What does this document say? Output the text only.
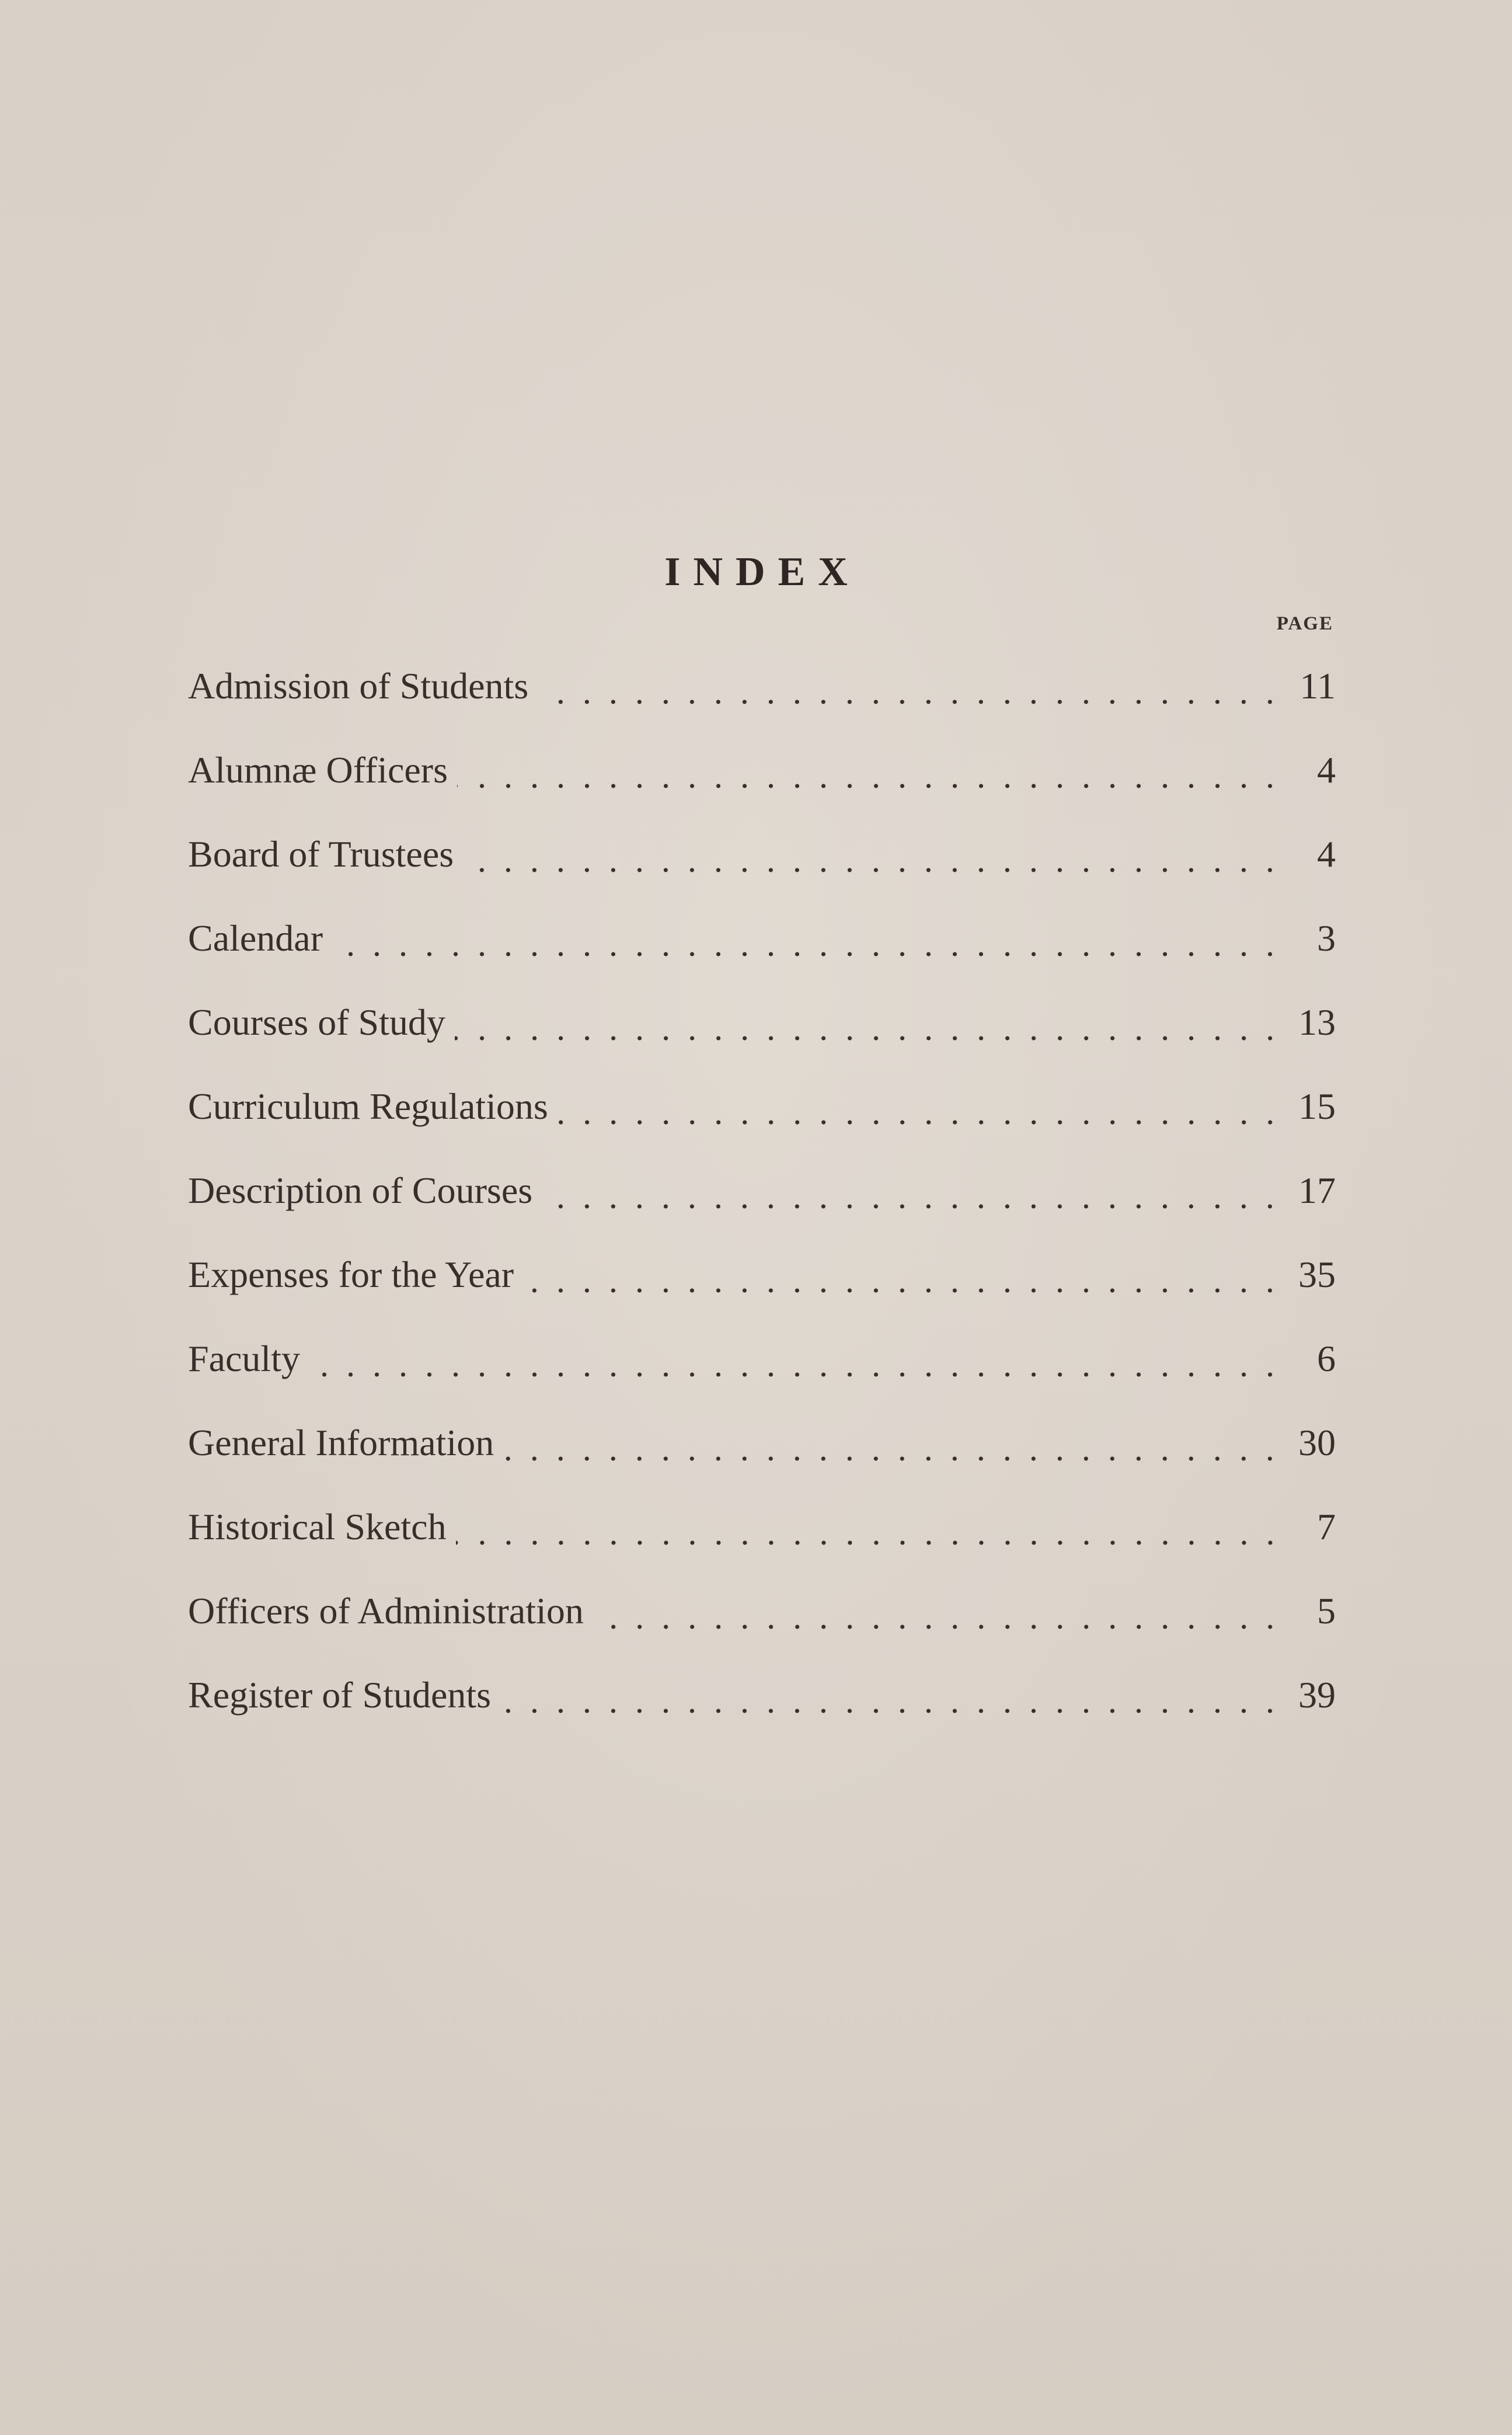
INDEX
PAGE
Admission of Students	11
Alumnæ Officers	4
Board of Trustees	4
Calendar	3
Courses of Study	13
Curriculum Regulations	15
Description of Courses	17
Expenses for the Year	35
Faculty	6
General Information	30
Historical Sketch	7
Officers of Administration	5
Register of Students	39
